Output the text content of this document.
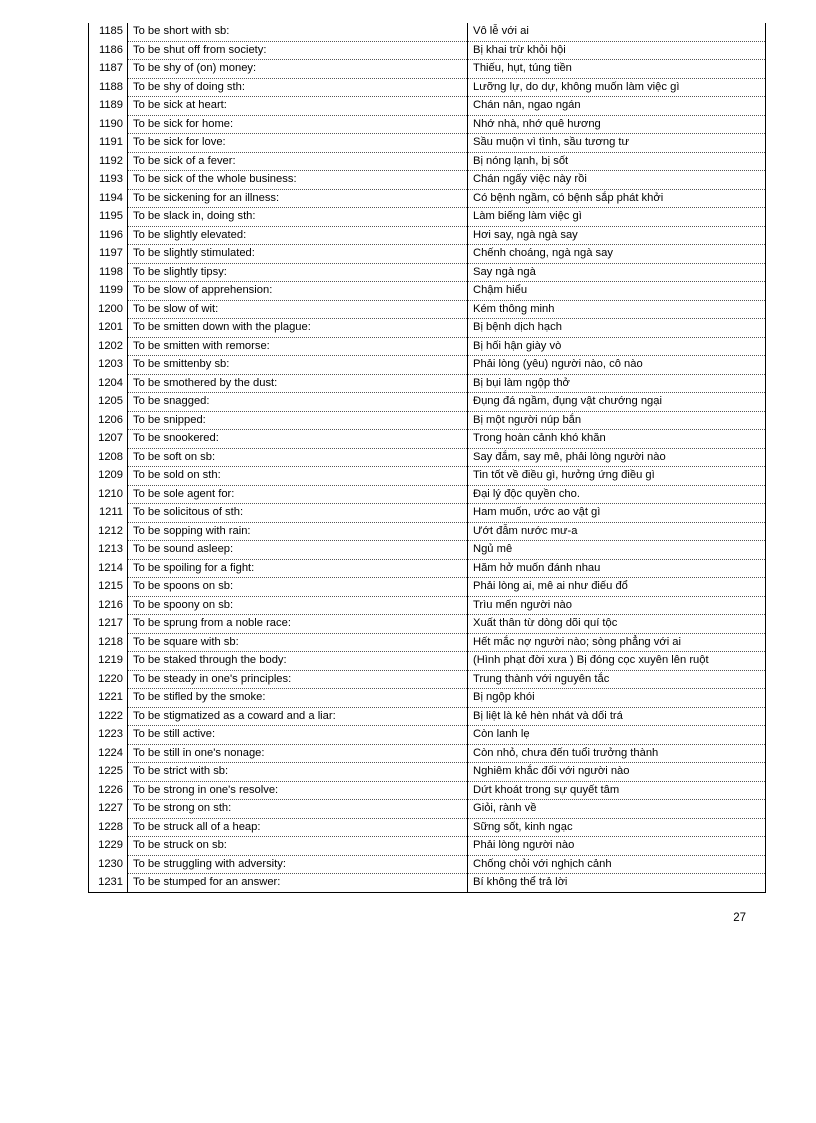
1185	To be short with sb:	Vô lễ với ai
1186	To be shut off from society:	Bị khai trừ khỏi hội
1187	To be shy of (on) money:	Thiếu, hụt, túng tiền
1188	To be shy of doing sth:	Lưỡng lự, do dự, không muốn làm việc gì
1189	To be sick at heart:	Chán nản, ngao ngán
1190	To be sick for home:	Nhớ nhà, nhớ quê hương
1191	To be sick for love:	Sầu muộn vì tình, sầu tương tư
1192	To be sick of a fever:	Bị nóng lạnh, bị sốt
1193	To be sick of the whole business:	Chán ngấy việc này rồi
1194	To be sickening for an illness:	Có bệnh ngầm, có bệnh sắp phát khởi
1195	To be slack in, doing sth:	Làm biếng làm việc gì
1196	To be slightly elevated:	Hơi say, ngà ngà say
1197	To be slightly stimulated:	Chếnh choáng, ngà ngà say
1198	To be slightly tipsy:	Say ngà ngà
1199	To be slow of apprehension:	Chậm hiểu
1200	To be slow of wit:	Kém thông minh
1201	To be smitten down with the plague:	Bị bệnh dịch hạch
1202	To be smitten with remorse:	Bị hối hận giày vò
1203	To be smittenby sb:	Phải lòng (yêu) người nào, cô nào
1204	To be smothered by the dust:	Bị bụi làm ngộp thở
1205	To be snagged:	Đụng đá ngầm, đụng vật chướng ngại
1206	To be snipped:	Bị một người núp bắn
1207	To be snookered:	Trong hoàn cảnh khó khăn
1208	To be soft on sb:	Say đắm, say mê, phải lòng người nào
1209	To be sold on sth:	Tin tốt về điều gì, hưởng ứng điều gì
1210	To be sole agent for:	Đại lý độc quyền cho.
1211	To be solicitous of sth:	Ham muốn, ước ao vật gì
1212	To be sopping with rain:	Ướt đẫm nước mư-a
1213	To be sound asleep:	Ngủ mê
1214	To be spoiling for a fight:	Hăm hở muốn đánh nhau
1215	To be spoons on sb:	Phải lòng ai, mê ai như điếu đổ
1216	To be spoony on sb:	Trìu mến người nào
1217	To be sprung from a noble race:	Xuất thân từ dòng dõi quí tộc
1218	To be square with sb:	Hết mắc nợ người nào; sòng phẳng với ai
1219	To be staked through the body:	(Hình phạt đời xưa ) Bị đóng cọc xuyên lên ruột
1220	To be steady in one's principles:	Trung thành với nguyên tắc
1221	To be stifled by the smoke:	Bị ngộp khói
1222	To be stigmatized as a coward and a liar:	Bị liệt là kẻ hèn nhát và dối trá
1223	To be still active:	Còn lanh lẹ
1224	To be still in one's nonage:	Còn nhỏ, chưa đến tuổi trưởng thành
1225	To be strict with sb:	Nghiêm khắc đối với người nào
1226	To be strong in one's resolve:	Dứt khoát trong sự quyết tâm
1227	To be strong on sth:	Giỏi, rành về
1228	To be struck all of a heap:	Sững sốt, kinh ngạc
1229	To be struck on sb:	Phải lòng người nào
1230	To be struggling with adversity:	Chống chỏi với nghịch cảnh
1231	To be stumped for an answer:	Bí không thể trả lời
27
